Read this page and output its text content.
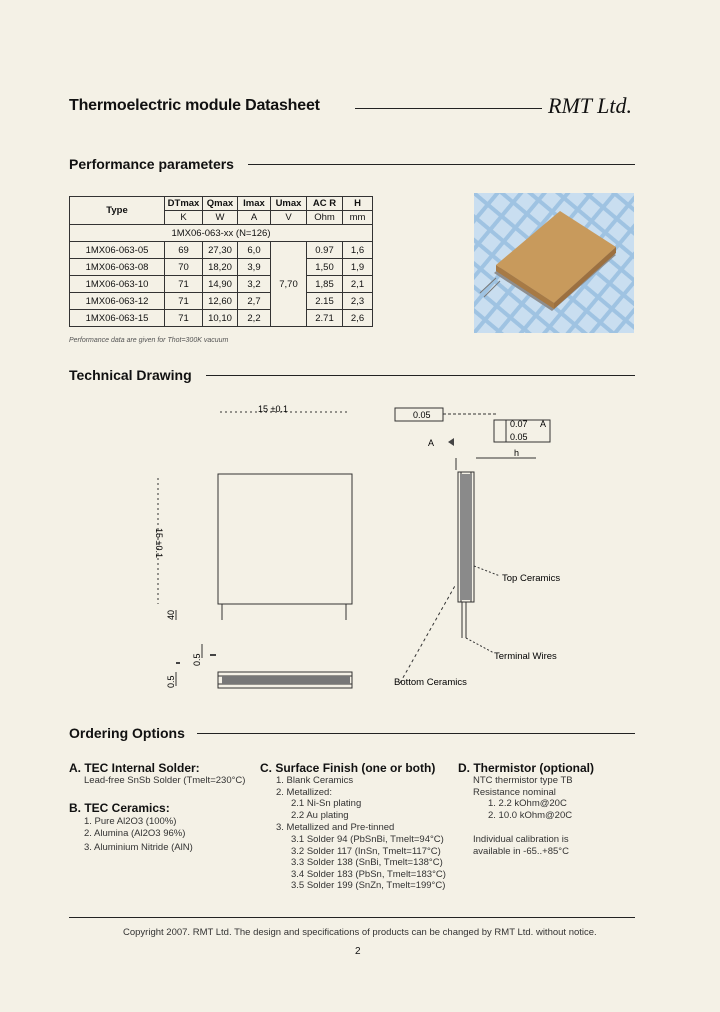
Thermoelectric module Datasheet	RMT Ltd.
Performance parameters
Type	DTmax	Qmax	Imax	Umax	AC R	H
	K	W	A	V	Ohm	mm
1MX06-063-xx (N=126)						
1MX06-063-05	69	27,30	6,0	7,70	0.97	1,6
1MX06-063-08	70	18,20	3,9		1,50	1,9
1MX06-063-10	71	14,90	3,2		1,85	2,1
1MX06-063-12	71	12,60	2,7		2.15	2,3
1MX06-063-15	71	10,10	2,2		2.71	2,6
Performance data are given for Thot=300K vacuum
Technical Drawing
15 ±0.1
15 ±0.1
0.05
0.07 A
0.05
A
h
40
0.5
0.5
Top Ceramics
Terminal Wires
Bottom Ceramics
Ordering Options
A. TEC Internal Solder:
Lead-free SnSb Solder (Tmelt=230°C)
B. TEC Ceramics:
1. Pure Al2O3 (100%)
2. Alumina (Al2O3 96%)
3. Aluminium Nitride (AlN)
C. Surface Finish (one or both)
1. Blank Ceramics
2. Metallized:
2.1 Ni-Sn plating
2.2 Au plating
3. Metallized and Pre-tinned
3.1 Solder 94 (PbSnBi, Tmelt=94°C)
3.2 Solder 117 (InSn, Tmelt=117°C)
3.3 Solder 138 (SnBi, Tmelt=138°C)
3.4 Solder 183 (PbSn, Tmelt=183°C)
3.5 Solder 199 (SnZn, Tmelt=199°C)
D. Thermistor (optional)
NTC thermistor type TB
Resistance nominal
1. 2.2 kOhm@20C
2. 10.0 kOhm@20C
Individual calibration is
available in -65..+85°C
Copyright 2007. RMT Ltd. The design and specifications of products can be changed by RMT Ltd. without notice.
2
